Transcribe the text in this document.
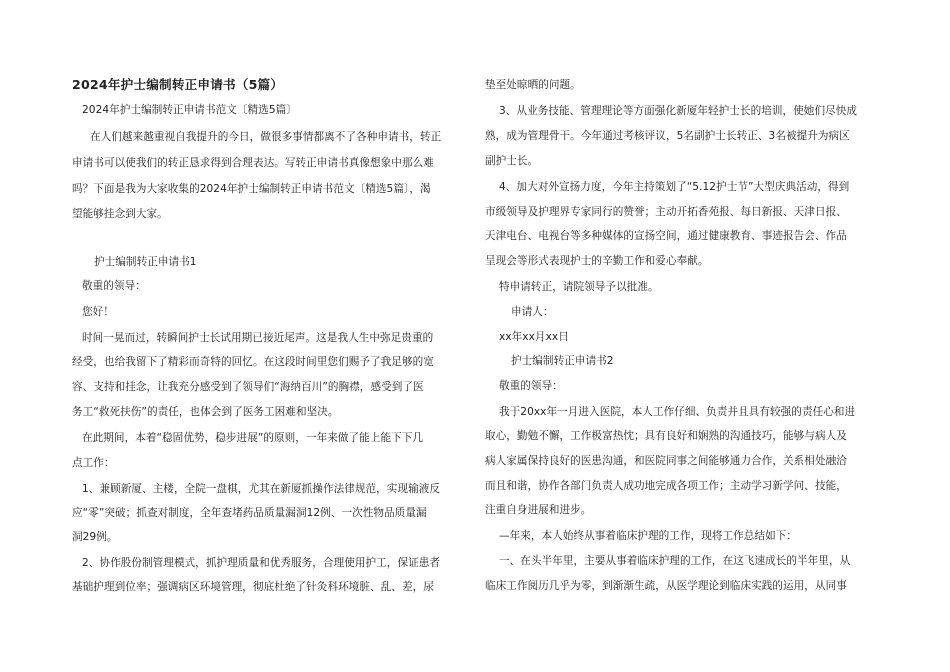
2024年护士编制转正申请书（5篇）
2024年护士编制转正申请书范文〔精选5篇〕
在人们越来越重视自我提升的今日，做很多事情都离不了各种申请书，转正
申请书可以使我们的转正恳求得到合理表达。写转正申请书真像想象中那么难
吗？下面是我为大家收集的2024年护士编制转正申请书范文〔精选5篇〕，渴
望能够挂念到大家。
护士编制转正申请书1
敬重的领导：
您好！
时间一晃而过，转瞬间护士长试用期已接近尾声。这是我人生中弥足贵重的
经受，也给我留下了精彩而奇特的回忆。在这段时间里您们赐予了我足够的宽
容、支持和挂念，让我充分感受到了领导们“海纳百川”的胸襟，感受到了医
务工“救死扶伤”的责任，也体会到了医务工困难和坚决。
在此期间，本着“稳固优势，稳步进展”的原则，一年来做了能上能下下几
点工作：
1、兼顾新厦、主楼，全院一盘棋，尤其在新厦抓操作法律规范，实现输液反
应“零”突破；抓查对制度，全年查堵药品质量漏洞12例、一次性物品质量漏
洞29例。
2、协作股份制管理模式，抓护理质量和优秀服务，合理使用护工，保证患者
基础护理到位率；强调病区环境管理，彻底杜绝了针灸科环境脏、乱、差，尿
垫至处晾晒的问题。
3、从业务技能、管理理论等方面强化新厦年轻护士长的培训，使她们尽快成
熟，成为管理骨干。今年通过考核评议，5名副护士长转正、3名被提升为病区
副护士长。
4、加大对外宣扬力度，今年主持策划了“5.12护士节”大型庆典活动，得到
市级领导及护理界专家同行的赞誉；主动开拓香苑报、每日新报、天津日报、
天津电台、电视台等多种媒体的宣扬空间，通过健康教育、事迹报告会、作品
呈现会等形式表现护士的辛勤工作和爱心奉献。
特申请转正，请院领导予以批准。
申请人：
xx年xx月xx日
护士编制转正申请书2
敬重的领导：
我于20xx年一月进入医院，本人工作仔细、负责并且具有较强的责任心和进
取心，勤勉不懈，工作极富热忱；具有良好和娴熟的沟通技巧，能够与病人及
病人家属保持良好的医患沟通，和医院同事之间能够通力合作，关系相处融洽
而且和谐，协作各部门负责人成功地完成各项工作；主动学习新学问、技能，
注重自身进展和进步。
—年来，本人始终从事着临床护理的工作，现将工作总结如下：
一、在头半年里，主要从事着临床护理的工作，在这飞速成长的半年里，从
临床工作阅历几乎为零，到渐渐生疏，从医学理论到临床实践的运用，从同事
